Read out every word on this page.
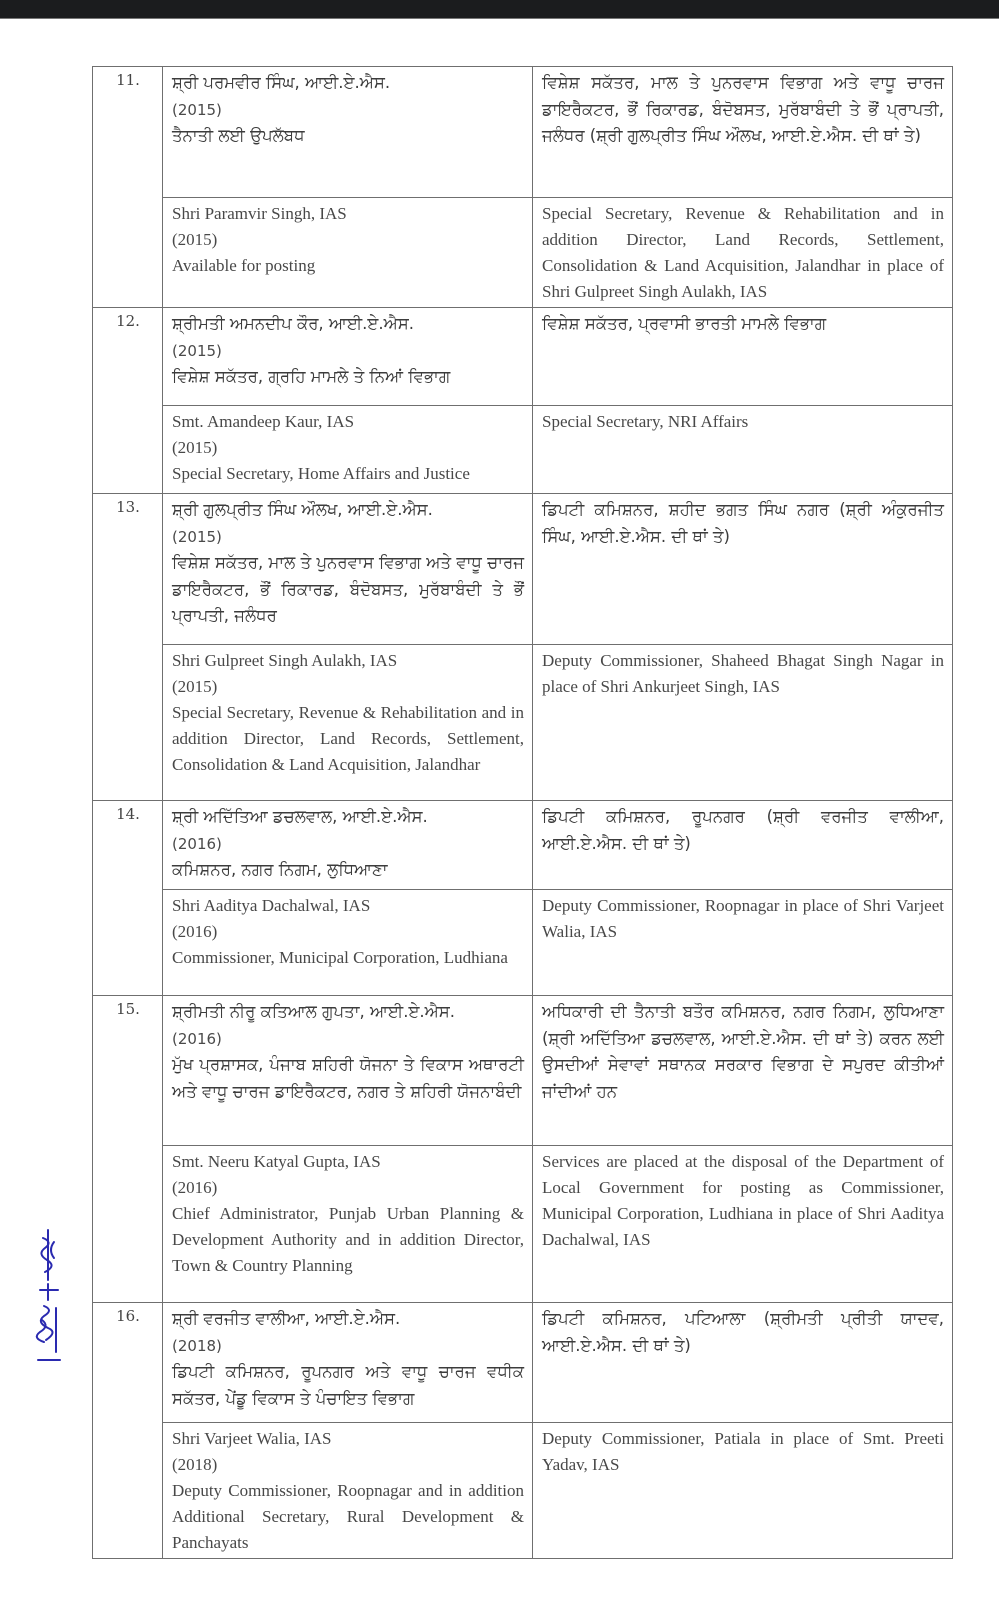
11.	ਸ਼੍ਰੀ ਪਰਮਵੀਰ ਸਿੰਘ, ਆਈ.ਏ.ਐਸ.
(2015)
ਤੈਨਾਤੀ ਲਈ ਉਪਲੱਬਧ	ਵਿਸ਼ੇਸ਼ ਸਕੱਤਰ, ਮਾਲ ਤੇ ਪੁਨਰਵਾਸ ਵਿਭਾਗ ਅਤੇ ਵਾਧੂ ਚਾਰਜ ਡਾਇਰੈਕਟਰ, ਭੌਂ ਰਿਕਾਰਡ, ਬੰਦੋਬਸਤ, ਮੁਰੱਬਾਬੰਦੀ ਤੇ ਭੌਂ ਪ੍ਰਾਪਤੀ, ਜਲੰਧਰ (ਸ਼੍ਰੀ ਗੁਲਪ੍ਰੀਤ ਸਿੰਘ ਔਲਖ, ਆਈ.ਏ.ਐਸ. ਦੀ ਥਾਂ ਤੇ)

	Shri Paramvir Singh, IAS
(2015)
Available for posting	Special Secretary, Revenue & Rehabilitation and in addition Director, Land Records, Settlement, Consolidation & Land Acquisition, Jalandhar in place of Shri Gulpreet Singh Aulakh, IAS
12.	ਸ਼੍ਰੀਮਤੀ ਅਮਨਦੀਪ ਕੌਰ, ਆਈ.ਏ.ਐਸ.
(2015)
ਵਿਸ਼ੇਸ਼ ਸਕੱਤਰ, ਗ੍ਰਹਿ ਮਾਮਲੇ ਤੇ ਨਿਆਂ ਵਿਭਾਗ	ਵਿਸ਼ੇਸ਼ ਸਕੱਤਰ, ਪ੍ਰਵਾਸੀ ਭਾਰਤੀ ਮਾਮਲੇ ਵਿਭਾਗ

	Smt. Amandeep Kaur, IAS
(2015)
Special Secretary, Home Affairs and Justice	Special Secretary, NRI Affairs
13.	ਸ਼੍ਰੀ ਗੁਲਪ੍ਰੀਤ ਸਿੰਘ ਔਲਖ, ਆਈ.ਏ.ਐਸ.
(2015)
ਵਿਸ਼ੇਸ਼ ਸਕੱਤਰ, ਮਾਲ ਤੇ ਪੁਨਰਵਾਸ ਵਿਭਾਗ ਅਤੇ ਵਾਧੂ ਚਾਰਜ ਡਾਇਰੈਕਟਰ, ਭੌਂ ਰਿਕਾਰਡ, ਬੰਦੋਬਸਤ, ਮੁਰੱਬਾਬੰਦੀ ਤੇ ਭੌਂ ਪ੍ਰਾਪਤੀ, ਜਲੰਧਰ	ਡਿਪਟੀ ਕਮਿਸ਼ਨਰ, ਸ਼ਹੀਦ ਭਗਤ ਸਿੰਘ ਨਗਰ (ਸ਼੍ਰੀ ਅੰਕੁਰਜੀਤ ਸਿੰਘ, ਆਈ.ਏ.ਐਸ. ਦੀ ਥਾਂ ਤੇ)

	Shri Gulpreet Singh Aulakh, IAS
(2015)
Special Secretary, Revenue & Rehabilitation and in addition Director, Land Records, Settlement, Consolidation & Land Acquisition, Jalandhar	Deputy Commissioner, Shaheed Bhagat Singh Nagar in place of Shri Ankurjeet Singh, IAS
14.	ਸ਼੍ਰੀ ਅਦਿੱਤਿਆ ਡਚਲਵਾਲ, ਆਈ.ਏ.ਐਸ.
(2016)
ਕਮਿਸ਼ਨਰ, ਨਗਰ ਨਿਗਮ, ਲੁਧਿਆਣਾ	ਡਿਪਟੀ ਕਮਿਸ਼ਨਰ, ਰੂਪਨਗਰ (ਸ਼੍ਰੀ ਵਰਜੀਤ ਵਾਲੀਆ, ਆਈ.ਏ.ਐਸ. ਦੀ ਥਾਂ ਤੇ)

	Shri Aaditya Dachalwal, IAS
(2016)
Commissioner, Municipal Corporation, Ludhiana	Deputy Commissioner, Roopnagar in place of Shri Varjeet Walia, IAS
15.	ਸ਼੍ਰੀਮਤੀ ਨੀਰੂ ਕਤਿਆਲ ਗੁਪਤਾ, ਆਈ.ਏ.ਐਸ.
(2016)
ਮੁੱਖ ਪ੍ਰਸ਼ਾਸਕ, ਪੰਜਾਬ ਸ਼ਹਿਰੀ ਯੋਜਨਾ ਤੇ ਵਿਕਾਸ ਅਥਾਰਟੀ ਅਤੇ ਵਾਧੂ ਚਾਰਜ ਡਾਇਰੈਕਟਰ, ਨਗਰ ਤੇ ਸ਼ਹਿਰੀ ਯੋਜਨਾਬੰਦੀ	ਅਧਿਕਾਰੀ ਦੀ ਤੈਨਾਤੀ ਬਤੌਰ ਕਮਿਸ਼ਨਰ, ਨਗਰ ਨਿਗਮ, ਲੁਧਿਆਣਾ (ਸ਼੍ਰੀ ਅਦਿੱਤਿਆ ਡਚਲਵਾਲ, ਆਈ.ਏ.ਐਸ. ਦੀ ਥਾਂ ਤੇ) ਕਰਨ ਲਈ ਉਸਦੀਆਂ ਸੇਵਾਵਾਂ ਸਥਾਨਕ ਸਰਕਾਰ ਵਿਭਾਗ ਦੇ ਸਪੁਰਦ ਕੀਤੀਆਂ ਜਾਂਦੀਆਂ ਹਨ

	Smt. Neeru Katyal Gupta, IAS
(2016)
Chief Administrator, Punjab Urban Planning & Development Authority and in addition Director, Town & Country Planning	Services are placed at the disposal of the Department of Local Government for posting as Commissioner, Municipal Corporation, Ludhiana in place of Shri Aaditya Dachalwal, IAS
16.	ਸ਼੍ਰੀ ਵਰਜੀਤ ਵਾਲੀਆ, ਆਈ.ਏ.ਐਸ.
(2018)
ਡਿਪਟੀ ਕਮਿਸ਼ਨਰ, ਰੂਪਨਗਰ ਅਤੇ ਵਾਧੂ ਚਾਰਜ ਵਧੀਕ ਸਕੱਤਰ, ਪੇਂਡੂ ਵਿਕਾਸ ਤੇ ਪੰਚਾਇਤ ਵਿਭਾਗ	ਡਿਪਟੀ ਕਮਿਸ਼ਨਰ, ਪਟਿਆਲਾ (ਸ਼੍ਰੀਮਤੀ ਪ੍ਰੀਤੀ ਯਾਦਵ, ਆਈ.ਏ.ਐਸ. ਦੀ ਥਾਂ ਤੇ)

	Shri Varjeet Walia, IAS
(2018)
Deputy Commissioner, Roopnagar and in addition Additional Secretary, Rural Development & Panchayats	Deputy Commissioner, Patiala in place of Smt. Preeti Yadav, IAS
